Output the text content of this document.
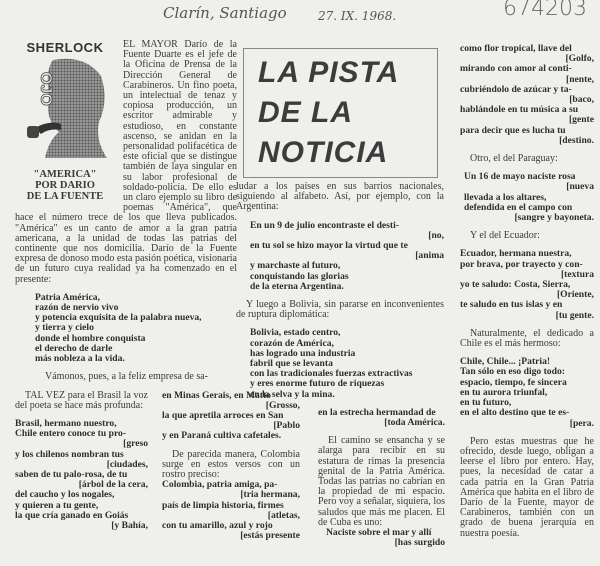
Clarín, Santiago	27. IX. 1968.	674203
SHERLOCK
OJO
"AMERICA"
POR DARIO
DE LA FUENTE

EL MAYOR Darío de la Fuente Duarte es el jefe de la Oficina de Prensa de la Dirección General de Carabineros. Un fino poeta, un intelectual de tenaz y copiosa producción, un escritor admirable y estudioso, en constante ascenso, se anidan en la personalidad polifacética de este oficial que se distingue también de laya singular en su labor profesional de soldado-policía. De ello es un claro ejemplo su libro de poemas "América", que hace el número trece de los que lleva publicados. "América" es un canto de amor a la gran patria americana, a la unidad de todas las patrias del continente que nos domicilia. Darío de la Fuente expresa de donoso modo esta pasión poética, visionaria de un futuro cuya realidad ya ha comenzado en el presente:

Patria América,
razón de nervio vivo
y potencia exquisita de la palabra nueva,
y tierra y cielo
donde el hombre conquista
el derecho de darle
más nobleza a la vida.

Vámonos, pues, a la feliz empresa de sa-

TAL VEZ para el Brasil la voz del poeta se hace más profunda:

Brasil, hermano nuestro,
Chile entero conoce tu pro-
[greso
y los chilenos nombran tus
[ciudades,
saben de tu palo-rosa, de tu
[árbol de la cera,
del caucho y los nogales,
y quieren a tu gente,
la que cría ganado en Goiás
[y Bahía,
en Minas Gerais, en Matto
[Grosso,
la que apretila arroces en San
[Pablo
y en Paraná cultiva cafetales.

De parecida manera, Colombia surge en estos versos con un rostro preciso:

Colombia, patria amiga, pa-
[tria hermana,
país de limpia historia, firmes
[atletas,
con tu amarillo, azul y rojo
[estás presente
LA PISTA
DE LA
NOTICIA

ludar a los países en sus barrios nacionales, siguiendo al alfabeto. Así, por ejemplo, con la Argentina:

En un 9 de julio encontraste el desti-
[no,
en tu sol se hizo mayor la virtud que te
[anima
y marchaste al futuro,
conquistando las glorias
de la eterna Argentina.

Y luego a Bolivia, sin pararse en inconvenientes de ruptura diplomática:

Bolivia, estado centro,
corazón de América,
has logrado una industria
fabril que se levanta
con las tradicionales fuerzas extractivas
y eres enorme futuro de riquezas
en la selva y la mina.
en la estrecha hermandad de
[toda América.

El camino se ensancha y se alarga para recibir en su estatura de rimas la presencia genital de la Patria América. Todas las patrias no cabrían en la propiedad de mi espacio. Pero voy a señalar, siquiera, los saludos que más me placen. El de Cuba es uno:

Naciste sobre el mar y allí
[has surgido
como flor tropical, llave del
[Golfo,
mirando con amor al conti-
[nente,
cubriéndolo de azúcar y ta-
[baco,
hablándole en tu música a su
[gente
para decir que es lucha tu
[destino.

Otro, el del Paraguay:

Un 16 de mayo naciste rosa
[nueva
llevada a los altares,
defendida en el campo con
[sangre y bayoneta.

Y el del Ecuador:

Ecuador, hermana nuestra,
por brava, por trayecto y con-
[textura
yo te saludo: Costa, Sierra,
[Oriente,
te saludo en tus islas y en
[tu gente.

Naturalmente, el dedicado a Chile es el más hermoso:

Chile, Chile... ¡Patria!
Tan sólo en eso digo todo:
espacio, tiempo, fe sincera
en tu aurora triunfal,
en tu futuro,
en el alto destino que te es-
[pera.

Pero estas muestras que he ofrecido, desde luego, obligan a leerse el libro por entero. Hay, pues, la necesidad de catar a cada patria en la Gran Patria América que habita en el libro de Darío de la Fuente, mayor de Carabineros, también con un grado de buena jerarquía en nuestra poesía.
